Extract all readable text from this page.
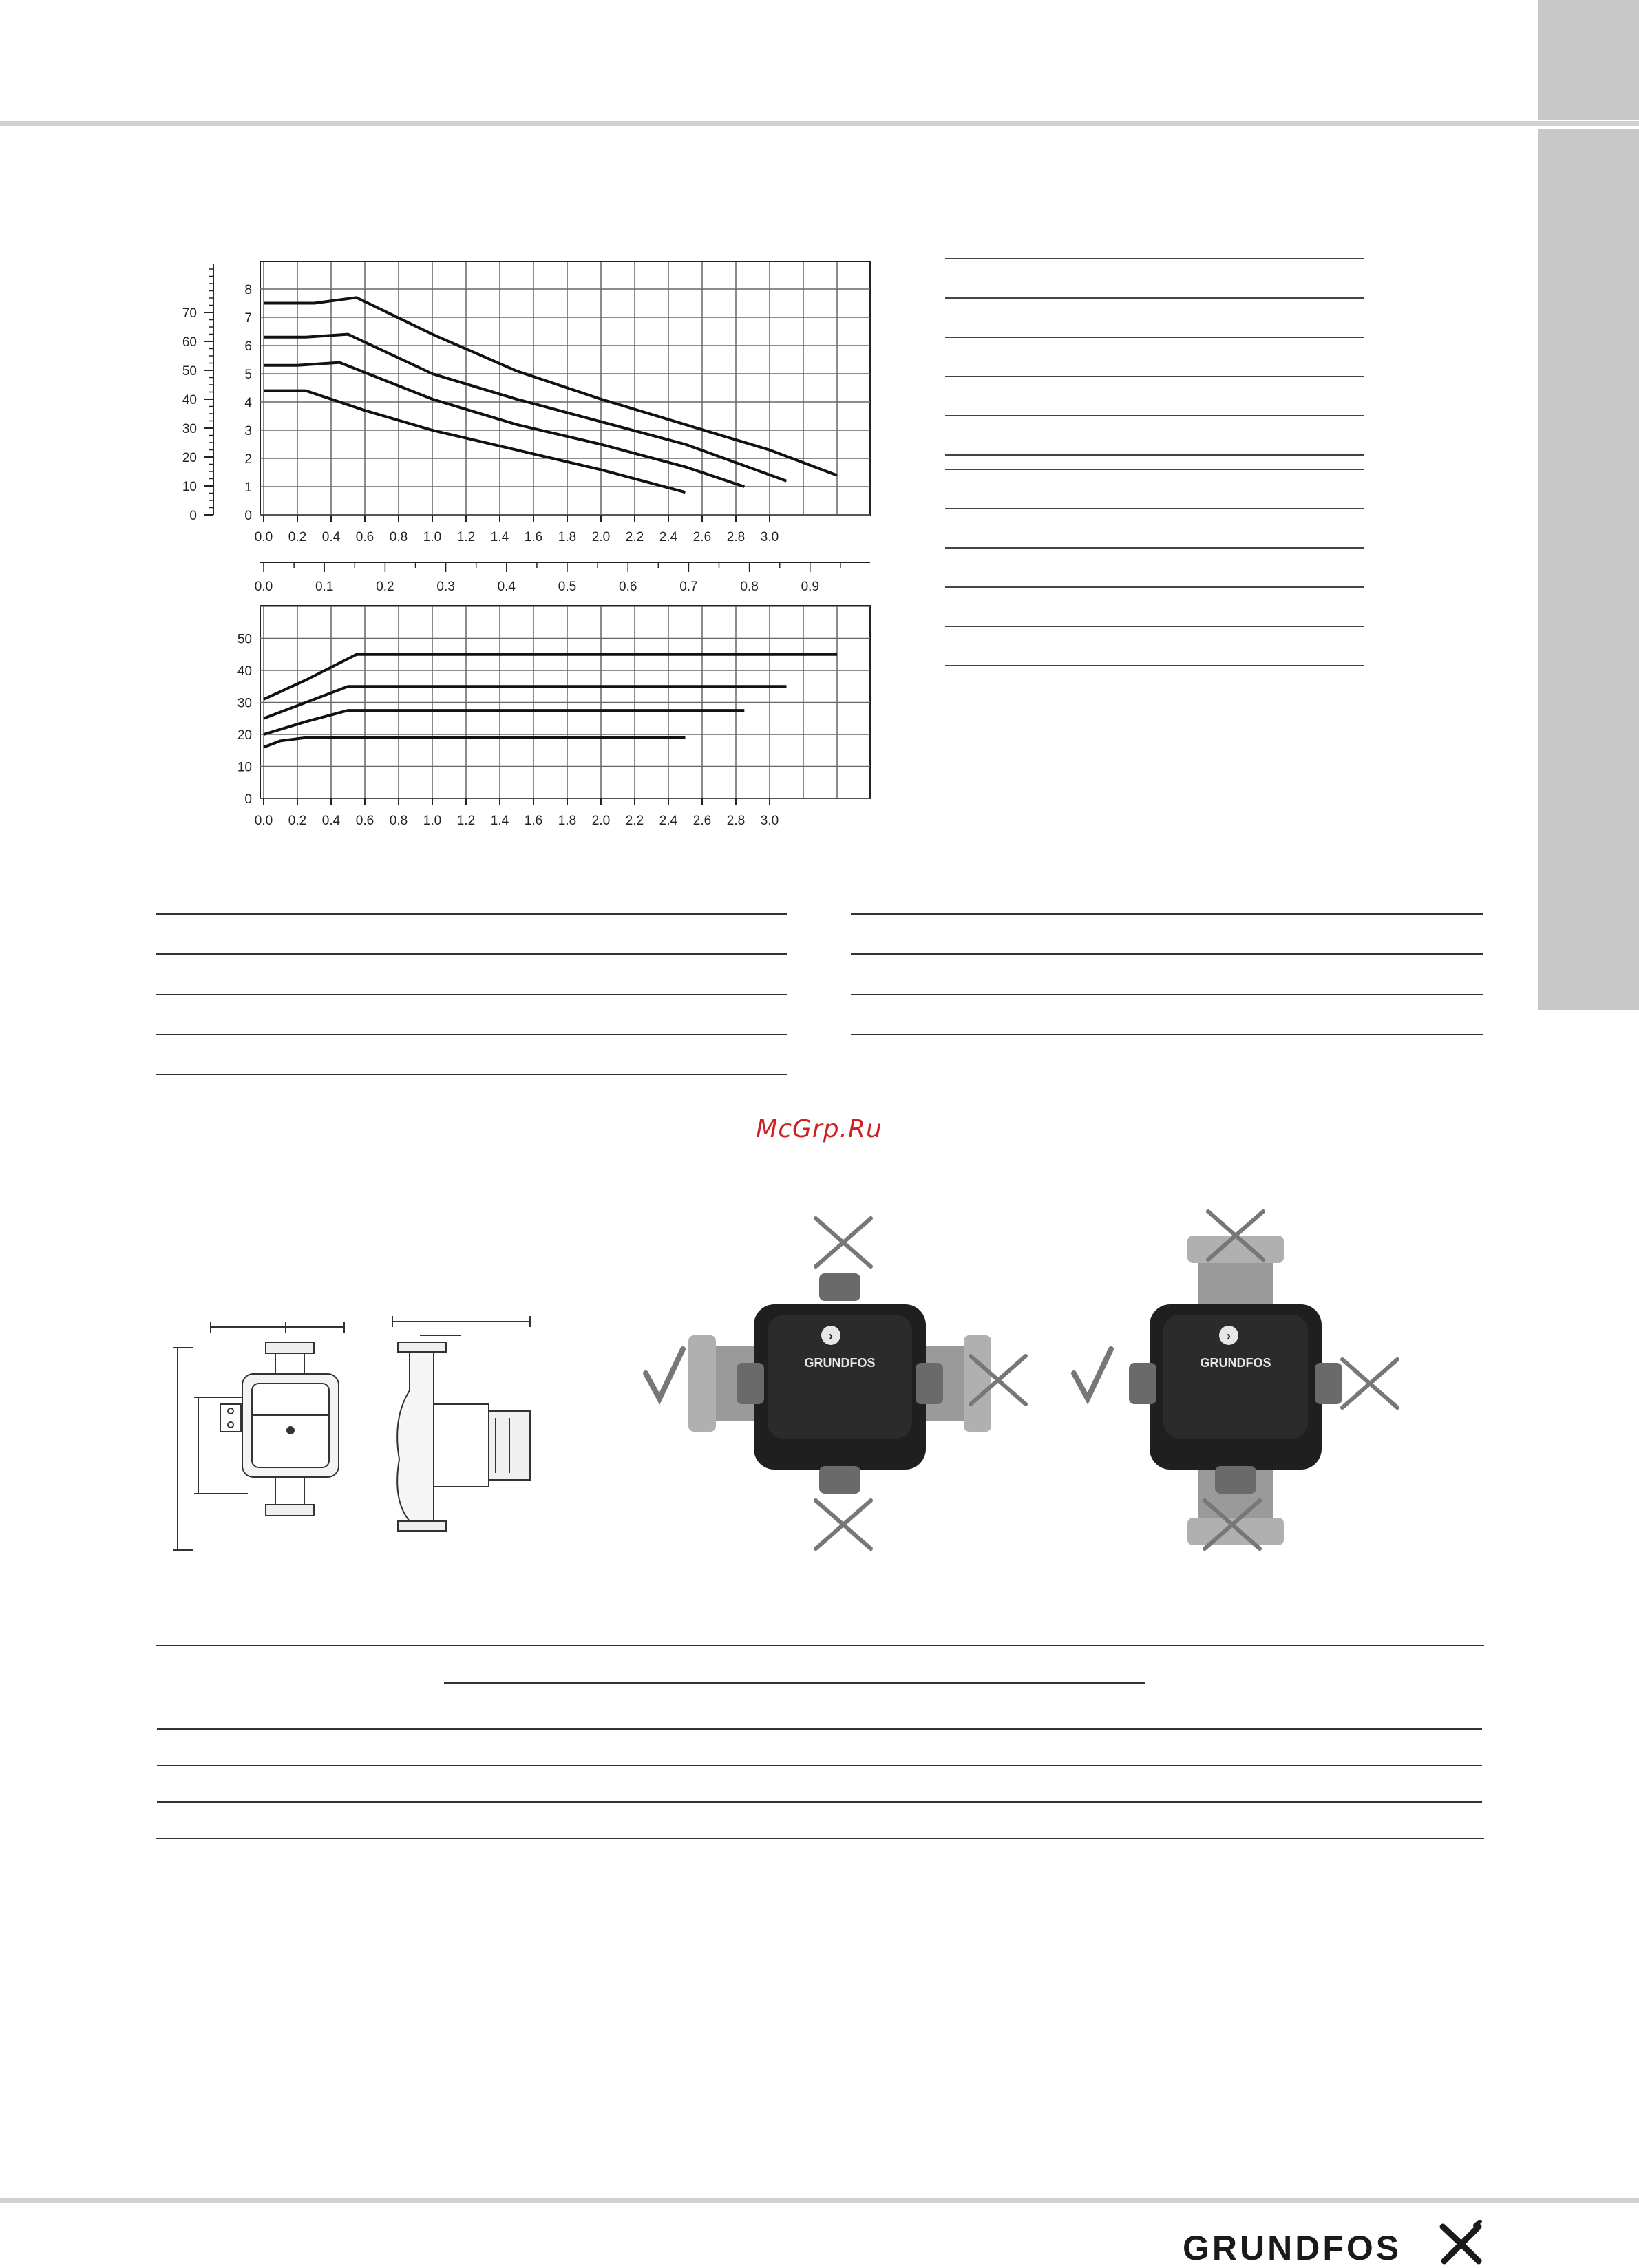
0.0 0.2 0.4 0.6 0.8 1.0 1.2 1.4 1.6 1.8 2.0 2.2 2.4 2.6 2.8 3.0
0
1
2
3
4
5
6
7
8
0
10
20
30
40
50
60
70
0.0	0.1	0.2	0.3	0.4	0.5	0.6	0.7	0.8	0.9
0.0 0.2 0.4 0.6 0.8 1.0 1.2 1.4 1.6 1.8 2.0 2.2 2.4 2.6 2.8 3.0
0
10
20
30
40
50
McGrp.Ru
GRUNDFOS
›
GRUNDFOS
›
GRUNDFOS
